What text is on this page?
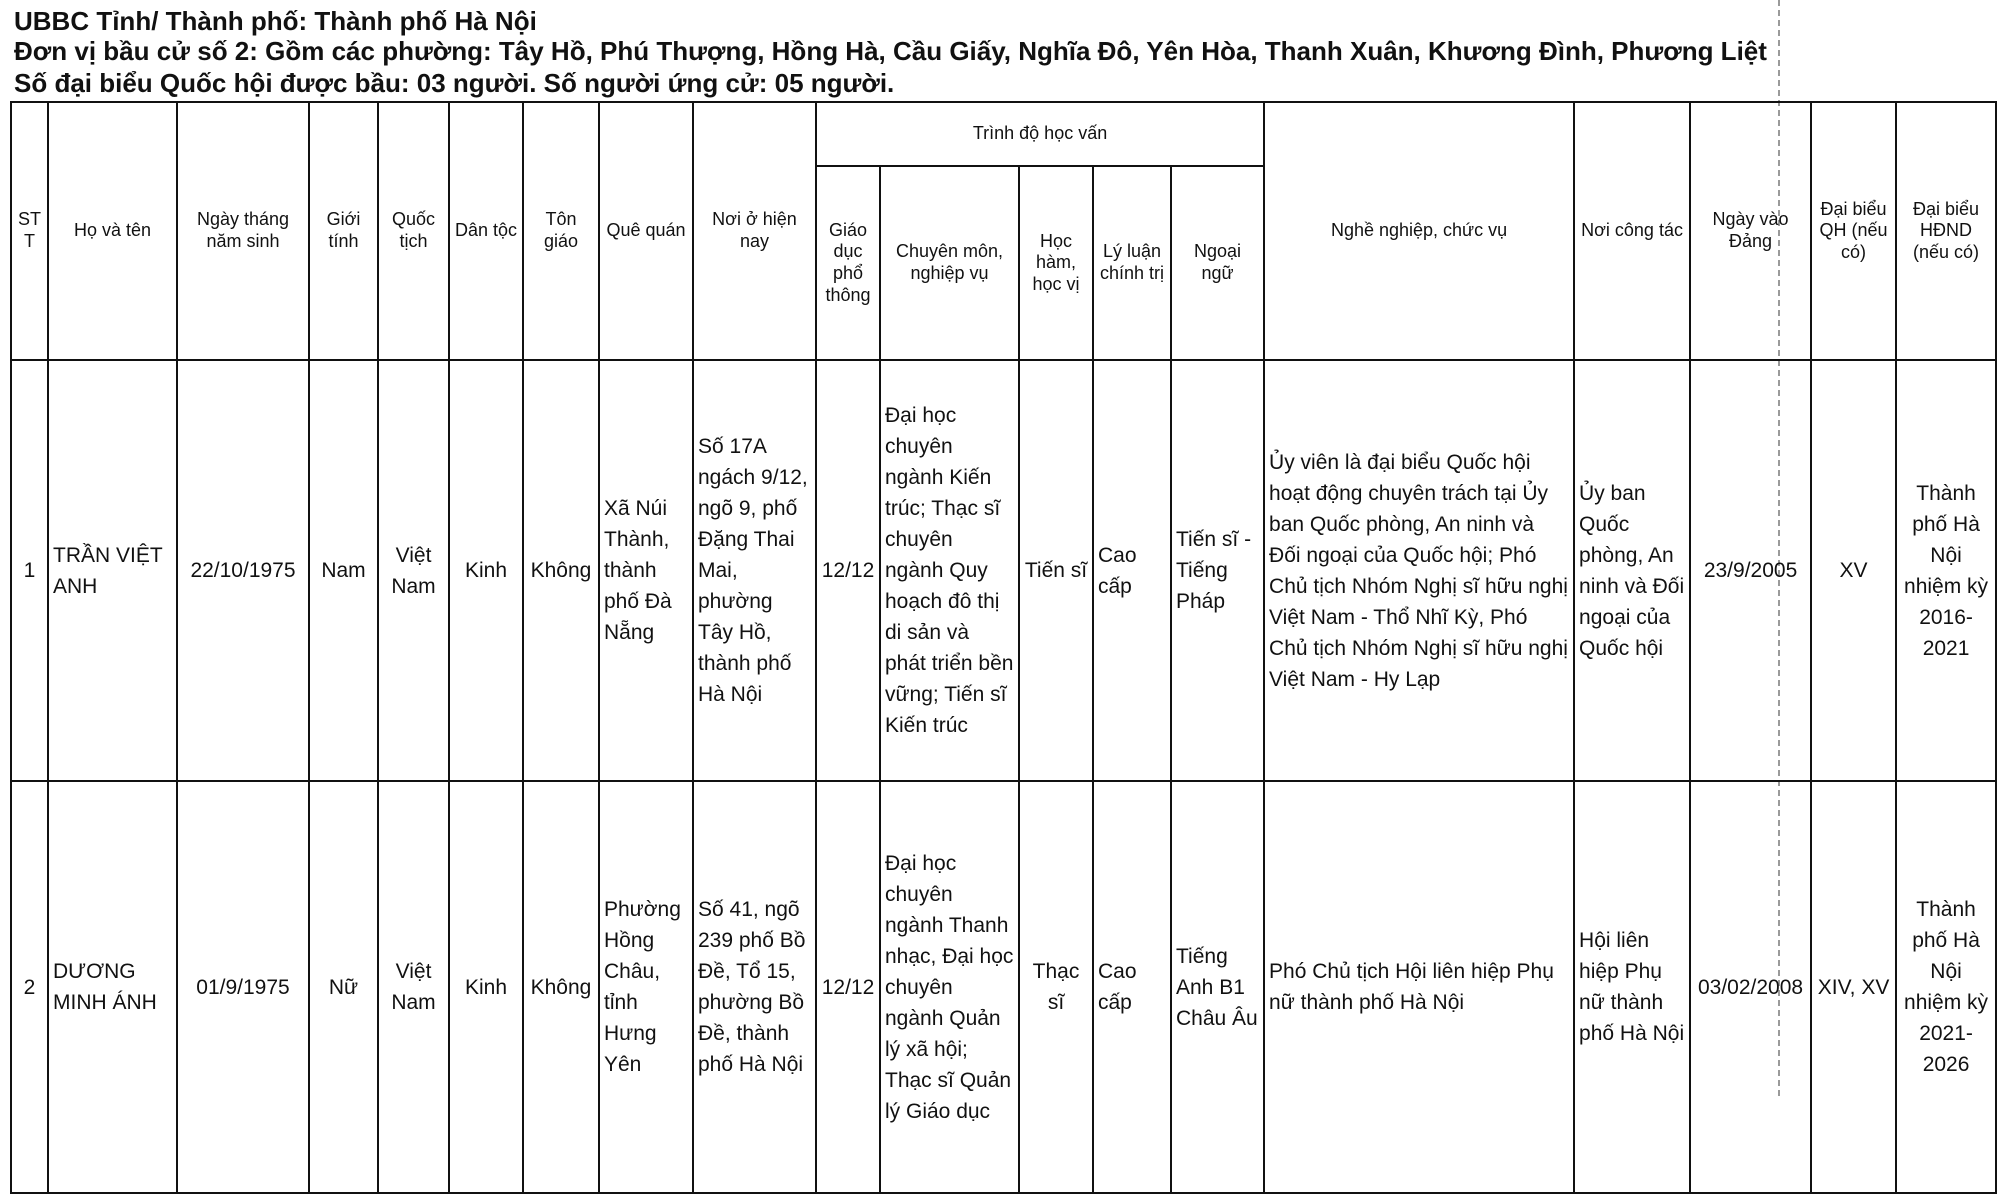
UBBC Tỉnh/ Thành phố: Thành phố Hà Nội
Đơn vị bầu cử số 2: Gồm các phường: Tây Hồ, Phú Thượng, Hồng Hà, Cầu Giấy, Nghĩa Đô, Yên Hòa, Thanh Xuân, Khương Đình, Phương Liệt
Số đại biểu Quốc hội được bầu: 03 người. Số người ứng cử: 05 người.
ST T	Họ và tên	Ngày tháng năm sinh	Giới tính	Quốc tịch	Dân tộc	Tôn giáo	Quê quán	Nơi ở hiện nay	Trình độ học vấn					Nghề nghiệp, chức vụ	Nơi công tác	Ngày vào Đảng	Đại biểu QH (nếu có)	Đại biểu HĐND (nếu có)
									Giáo dục phổ thông	Chuyên môn, nghiệp vụ	Học hàm, học vị	Lý luận chính trị	Ngoại ngữ					
1	TRẦN VIỆT ANH	22/10/1975	Nam	Việt Nam	Kinh	Không	Xã Núi Thành, thành phố Đà Nẵng	Số 17A ngách 9/12, ngõ 9, phố Đặng Thai Mai, phường Tây Hồ, thành phố Hà Nội	12/12	Đại học chuyên ngành Kiến trúc; Thạc sĩ chuyên ngành Quy hoạch đô thị di sản và phát triển bền vững; Tiến sĩ Kiến trúc	Tiến sĩ	Cao cấp	Tiến sĩ - Tiếng Pháp	Ủy viên là đại biểu Quốc hội hoạt động chuyên trách tại Ủy ban Quốc phòng, An ninh và Đối ngoại của Quốc hội; Phó Chủ tịch Nhóm Nghị sĩ hữu nghị Việt Nam - Thổ Nhĩ Kỳ, Phó Chủ tịch Nhóm Nghị sĩ hữu nghị Việt Nam - Hy Lạp	Ủy ban Quốc phòng, An ninh và Đối ngoại của Quốc hội	23/9/2005	XV	Thành phố Hà Nội nhiệm kỳ 2016-2021
2	DƯƠNG MINH ÁNH	01/9/1975	Nữ	Việt Nam	Kinh	Không	Phường Hồng Châu, tỉnh Hưng Yên	Số 41, ngõ 239 phố Bồ Đề, Tổ 15, phường Bồ Đề, thành phố Hà Nội	12/12	Đại học chuyên ngành Thanh nhạc, Đại học chuyên ngành Quản lý xã hội; Thạc sĩ Quản lý Giáo dục	Thạc sĩ	Cao cấp	Tiếng Anh B1 Châu Âu	Phó Chủ tịch Hội liên hiệp Phụ nữ thành phố Hà Nội	Hội liên hiệp Phụ nữ thành phố Hà Nội	03/02/2008	XIV, XV	Thành phố Hà Nội nhiệm kỳ 2021-2026
